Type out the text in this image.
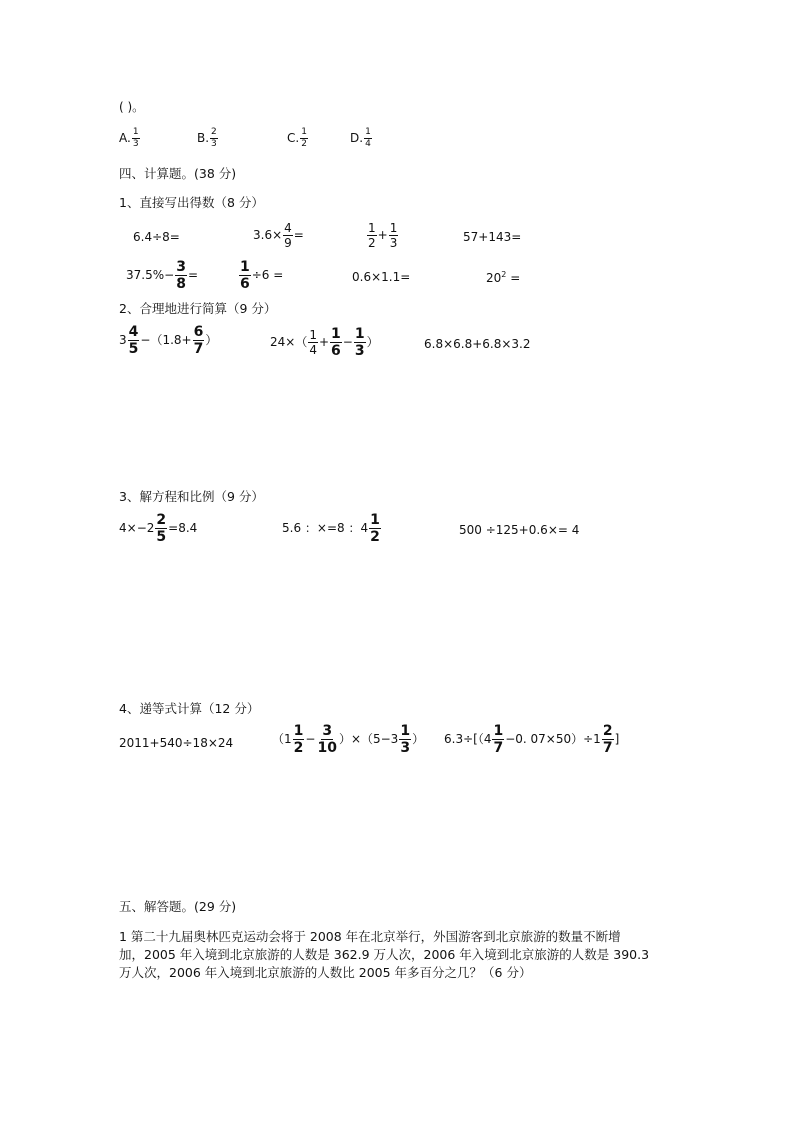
( )。
A. $\frac{1}{3}$	B. $\frac{2}{3}$	C. $\frac{1}{2}$	D. $\frac{1}{4}$
四、计算题。(38 分)
1、直接写出得数（8 分）
6.4÷8=	$3.6\times \frac{4}{9}$ =	$\frac{1}{2} + \frac{1}{3}$	57+143=
$37.5\%- \frac{3}{8}$ =	$\frac{1}{6} \div 6$ =	0.6×1.1=	$20^2$ =
2、合理地进行简算（9 分）
$3 \frac{4}{5} -(1.8+ \frac{6}{7}$ ）	$24\times( \frac{1}{4} + \frac{1}{6} - \frac{1}{3}$ ）	6.8×6.8+6.8×3.2
3、解方程和比例（9 分）
$4\times-2 \frac{2}{5} =8.4$	5.6 ：×=8 ：$4 \frac{1}{2}$	500 ÷125+0.6×= 4
4、递等式计算（12 分）
2011+540÷18×24	$(1 \frac{1}{2} - \frac{3}{10} )\times(5-3 \frac{1}{3}$ ） $6.3\div[(4 \frac{1}{7} -0$. $07\times 50)\div 1 \frac{2}{7}$ ]
五、解答题。(29 分)
1 第二十九届奥林匹克运动会将于 2008 年在北京举行，外国游客到北京旅游的数量不断增
加，2005 年入境到北京旅游的人数是 362.9 万人次，2006 年入境到北京旅游的人数是 390.3
万人次，2006 年入境到北京旅游的人数比 2005 年多百分之几？（6 分）
